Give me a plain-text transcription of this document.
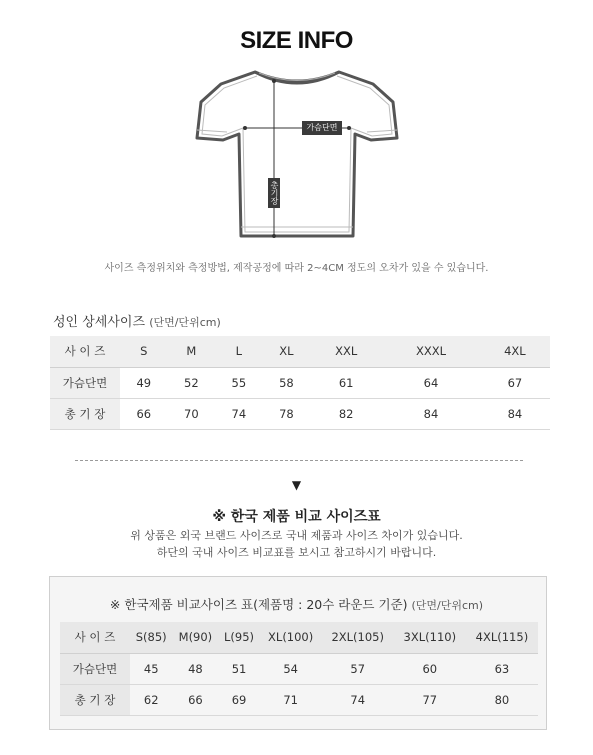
SIZE INFO
가슴단면
총기장
사이즈 측정위치와 측정방법, 제작공정에 따라 2~4CM 정도의 오차가 있을 수 있습니다.
성인 상세사이즈 (단면/단위cm)
사 이 즈	S	M	L	XL	XXL	XXXL	4XL
가슴단면	49	52	55	58	61	64	67
총 기 장	66	70	74	78	82	84	84
▼
※ 한국 제품 비교 사이즈표
위 상품은 외국 브랜드 사이즈로 국내 제품과 사이즈 차이가 있습니다.
하단의 국내 사이즈 비교표를 보시고 참고하시기 바랍니다.
※ 한국제품 비교사이즈 표(제품명 : 20수 라운드 기준) (단면/단위cm)
사 이 즈	S(85)	M(90)	L(95)	XL(100)	2XL(105)	3XL(110)	4XL(115)
가슴단면	45	48	51	54	57	60	63
총 기 장	62	66	69	71	74	77	80
